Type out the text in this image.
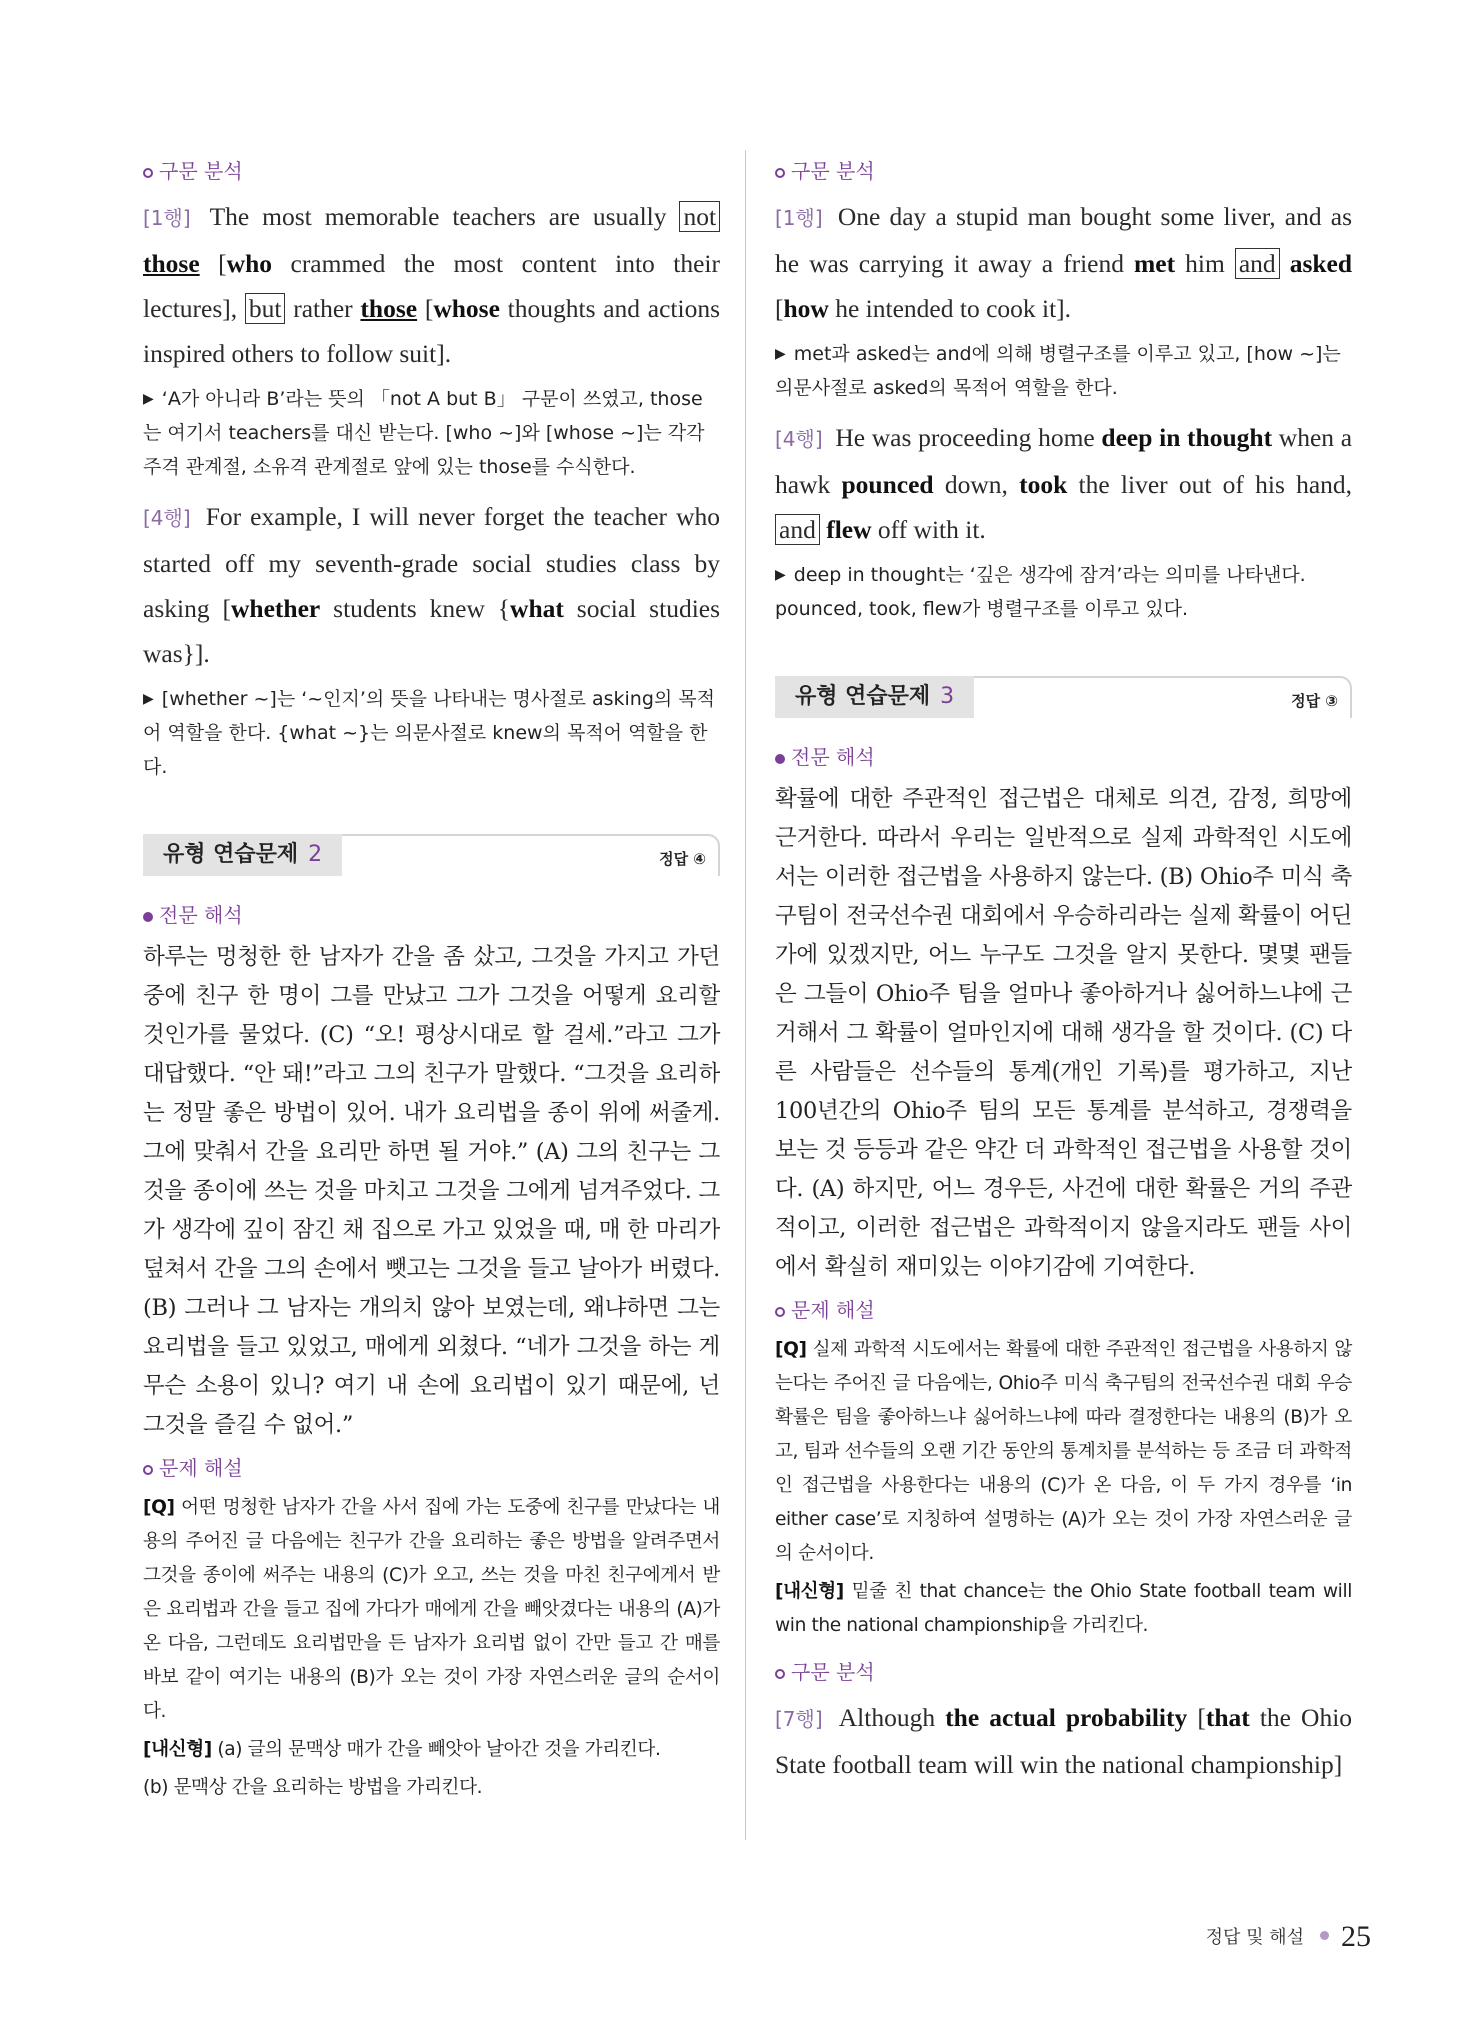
구문 분석

[1행] The most memorable teachers are usually not those [who crammed the most content into their lectures], but rather those [whose thoughts and actions inspired others to follow suit].

▶ ‘A가 아니라 B’라는 뜻의 「not A but B」 구문이 쓰였고, those는 여기서 teachers를 대신 받는다. [who ~]와 [whose ~]는 각각 주격 관계절, 소유격 관계절로 앞에 있는 those를 수식한다.

[4행] For example, I will never forget the teacher who started off my seventh-grade social studies class by asking [whether students knew {what social studies was}].

▶ [whether ~]는 ‘~인지’의 뜻을 나타내는 명사절로 asking의 목적어 역할을 한다. {what ~}는 의문사절로 knew의 목적어 역할을 한다.

유형 연습문제 2	정답 ④
전문 해석

하루는 멍청한 한 남자가 간을 좀 샀고, 그것을 가지고 가던 중에 친구 한 명이 그를 만났고 그가 그것을 어떻게 요리할 것인가를 물었다. (C) “오! 평상시대로 할 걸세.”라고 그가 대답했다. “안 돼!”라고 그의 친구가 말했다. “그것을 요리하는 정말 좋은 방법이 있어. 내가 요리법을 종이 위에 써줄게. 그에 맞춰서 간을 요리만 하면 될 거야.” (A) 그의 친구는 그것을 종이에 쓰는 것을 마치고 그것을 그에게 넘겨주었다. 그가 생각에 깊이 잠긴 채 집으로 가고 있었을 때, 매 한 마리가 덮쳐서 간을 그의 손에서 뺏고는 그것을 들고 날아가 버렸다. (B) 그러나 그 남자는 개의치 않아 보였는데, 왜냐하면 그는 요리법을 들고 있었고, 매에게 외쳤다. “네가 그것을 하는 게 무슨 소용이 있니? 여기 내 손에 요리법이 있기 때문에, 넌 그것을 즐길 수 없어.”

문제 해설

[Q] 어떤 멍청한 남자가 간을 사서 집에 가는 도중에 친구를 만났다는 내용의 주어진 글 다음에는 친구가 간을 요리하는 좋은 방법을 알려주면서 그것을 종이에 써주는 내용의 (C)가 오고, 쓰는 것을 마친 친구에게서 받은 요리법과 간을 들고 집에 가다가 매에게 간을 빼앗겼다는 내용의 (A)가 온 다음, 그런데도 요리법만을 든 남자가 요리법 없이 간만 들고 간 매를 바보 같이 여기는 내용의 (B)가 오는 것이 가장 자연스러운 글의 순서이다.

[내신형] (a) 글의 문맥상 매가 간을 빼앗아 날아간 것을 가리킨다.

(b) 문맥상 간을 요리하는 방법을 가리킨다.

구문 분석

[1행] One day a stupid man bought some liver, and as he was carrying it away a friend met him and asked [how he intended to cook it].

▶ met과 asked는 and에 의해 병렬구조를 이루고 있고, [how ~]는 의문사절로 asked의 목적어 역할을 한다.

[4행] He was proceeding home deep in thought when a hawk pounced down, took the liver out of his hand, and flew off with it.

▶ deep in thought는 ‘깊은 생각에 잠겨’라는 의미를 나타낸다. pounced, took, flew가 병렬구조를 이루고 있다.

유형 연습문제 3	정답 ③
전문 해석

확률에 대한 주관적인 접근법은 대체로 의견, 감정, 희망에 근거한다. 따라서 우리는 일반적으로 실제 과학적인 시도에서는 이러한 접근법을 사용하지 않는다. (B) Ohio주 미식 축구팀이 전국선수권 대회에서 우승하리라는 실제 확률이 어딘가에 있겠지만, 어느 누구도 그것을 알지 못한다. 몇몇 팬들은 그들이 Ohio주 팀을 얼마나 좋아하거나 싫어하느냐에 근거해서 그 확률이 얼마인지에 대해 생각을 할 것이다. (C) 다른 사람들은 선수들의 통계(개인 기록)를 평가하고, 지난 100년간의 Ohio주 팀의 모든 통계를 분석하고, 경쟁력을 보는 것 등등과 같은 약간 더 과학적인 접근법을 사용할 것이다. (A) 하지만, 어느 경우든, 사건에 대한 확률은 거의 주관적이고, 이러한 접근법은 과학적이지 않을지라도 팬들 사이에서 확실히 재미있는 이야기감에 기여한다.

문제 해설

[Q] 실제 과학적 시도에서는 확률에 대한 주관적인 접근법을 사용하지 않는다는 주어진 글 다음에는, Ohio주 미식 축구팀의 전국선수권 대회 우승 확률은 팀을 좋아하느냐 싫어하느냐에 따라 결정한다는 내용의 (B)가 오고, 팀과 선수들의 오랜 기간 동안의 통계치를 분석하는 등 조금 더 과학적인 접근법을 사용한다는 내용의 (C)가 온 다음, 이 두 가지 경우를 ‘in either case’로 지칭하여 설명하는 (A)가 오는 것이 가장 자연스러운 글의 순서이다.

[내신형] 밑줄 친 that chance는 the Ohio State football team will win the national championship을 가리킨다.

구문 분석

[7행] Although the actual probability [that the Ohio State football team will win the national championship]

정답 및 해설 25
